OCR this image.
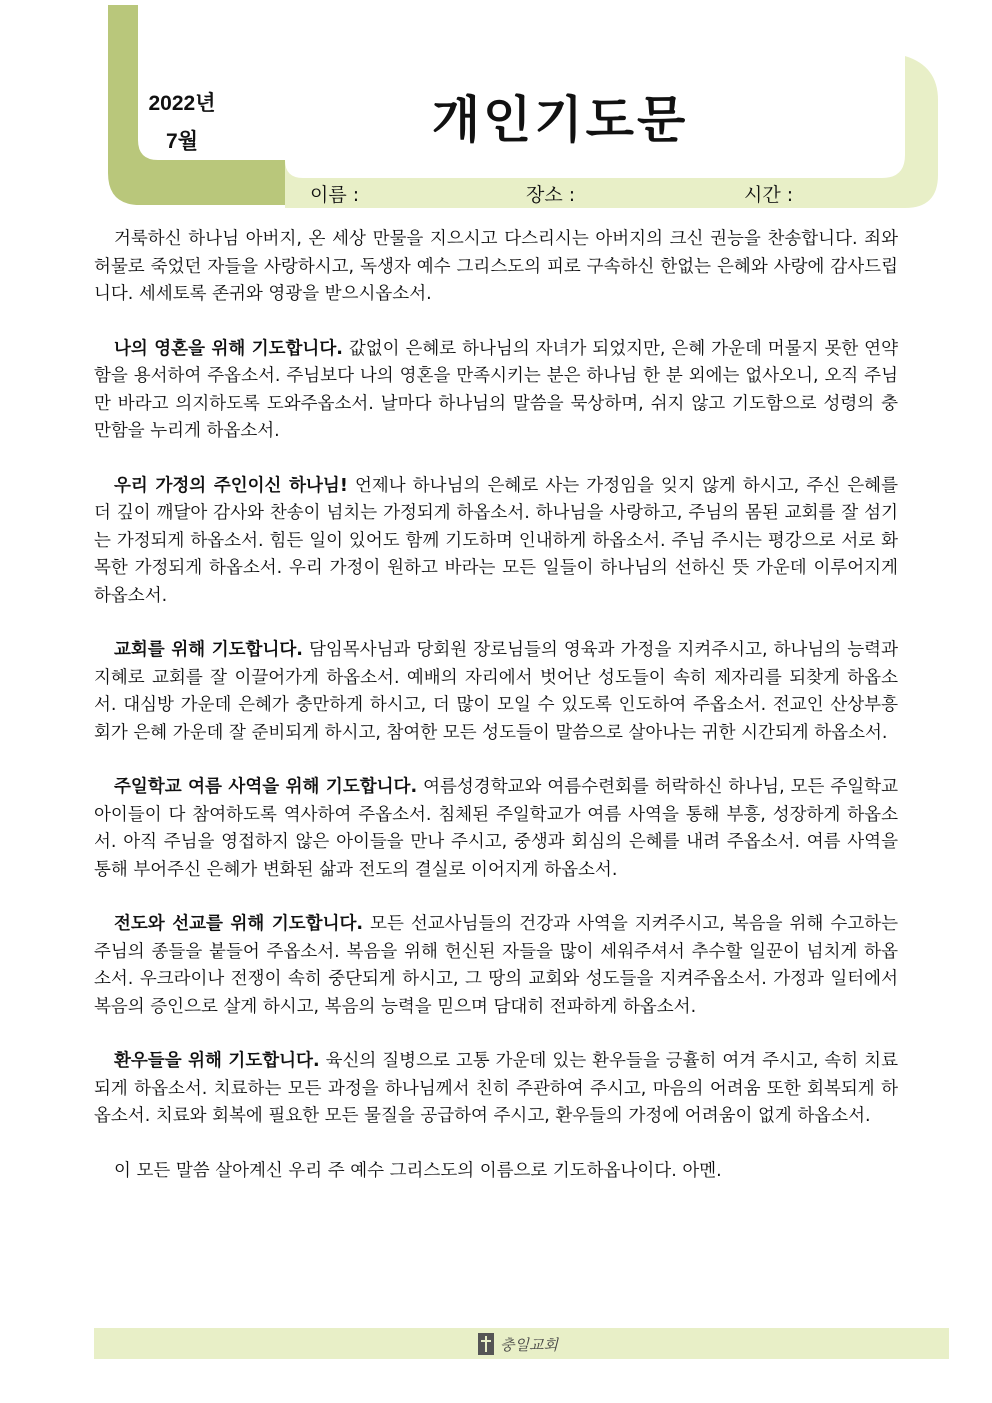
2022년
7월	개인기도문
이름 :	장소 :	시간 :

거룩하신 하나님 아버지, 온 세상 만물을 지으시고 다스리시는 아버지의 크신 권능을 찬송합니다. 죄와 허물로 죽었던 자들을 사랑하시고, 독생자 예수 그리스도의 피로 구속하신 한없는 은혜와 사랑에 감사드립니다. 세세토록 존귀와 영광을 받으시옵소서.

나의 영혼을 위해 기도합니다. 값없이 은혜로 하나님의 자녀가 되었지만, 은혜 가운데 머물지 못한 연약함을 용서하여 주옵소서. 주님보다 나의 영혼을 만족시키는 분은 하나님 한 분 외에는 없사오니, 오직 주님만 바라고 의지하도록 도와주옵소서. 날마다 하나님의 말씀을 묵상하며, 쉬지 않고 기도함으로 성령의 충만함을 누리게 하옵소서.

우리 가정의 주인이신 하나님! 언제나 하나님의 은혜로 사는 가정임을 잊지 않게 하시고, 주신 은혜를 더 깊이 깨달아 감사와 찬송이 넘치는 가정되게 하옵소서. 하나님을 사랑하고, 주님의 몸된 교회를 잘 섬기는 가정되게 하옵소서. 힘든 일이 있어도 함께 기도하며 인내하게 하옵소서. 주님 주시는 평강으로 서로 화목한 가정되게 하옵소서. 우리 가정이 원하고 바라는 모든 일들이 하나님의 선하신 뜻 가운데 이루어지게 하옵소서.

교회를 위해 기도합니다. 담임목사님과 당회원 장로님들의 영육과 가정을 지켜주시고, 하나님의 능력과 지혜로 교회를 잘 이끌어가게 하옵소서. 예배의 자리에서 벗어난 성도들이 속히 제자리를 되찾게 하옵소서. 대심방 가운데 은혜가 충만하게 하시고, 더 많이 모일 수 있도록 인도하여 주옵소서. 전교인 산상부흥회가 은혜 가운데 잘 준비되게 하시고, 참여한 모든 성도들이 말씀으로 살아나는 귀한 시간되게 하옵소서.

주일학교 여름 사역을 위해 기도합니다. 여름성경학교와 여름수련회를 허락하신 하나님, 모든 주일학교 아이들이 다 참여하도록 역사하여 주옵소서. 침체된 주일학교가 여름 사역을 통해 부흥, 성장하게 하옵소서. 아직 주님을 영접하지 않은 아이들을 만나 주시고, 중생과 회심의 은혜를 내려 주옵소서. 여름 사역을 통해 부어주신 은혜가 변화된 삶과 전도의 결실로 이어지게 하옵소서.

전도와 선교를 위해 기도합니다. 모든 선교사님들의 건강과 사역을 지켜주시고, 복음을 위해 수고하는 주님의 종들을 붙들어 주옵소서. 복음을 위해 헌신된 자들을 많이 세워주셔서 추수할 일꾼이 넘치게 하옵소서. 우크라이나 전쟁이 속히 중단되게 하시고, 그 땅의 교회와 성도들을 지켜주옵소서. 가정과 일터에서 복음의 증인으로 살게 하시고, 복음의 능력을 믿으며 담대히 전파하게 하옵소서.

환우들을 위해 기도합니다. 육신의 질병으로 고통 가운데 있는 환우들을 긍휼히 여겨 주시고, 속히 치료되게 하옵소서. 치료하는 모든 과정을 하나님께서 친히 주관하여 주시고, 마음의 어려움 또한 회복되게 하옵소서. 치료와 회복에 필요한 모든 물질을 공급하여 주시고, 환우들의 가정에 어려움이 없게 하옵소서.

이 모든 말씀 살아계신 우리 주 예수 그리스도의 이름으로 기도하옵나이다. 아멘.

충일교회
